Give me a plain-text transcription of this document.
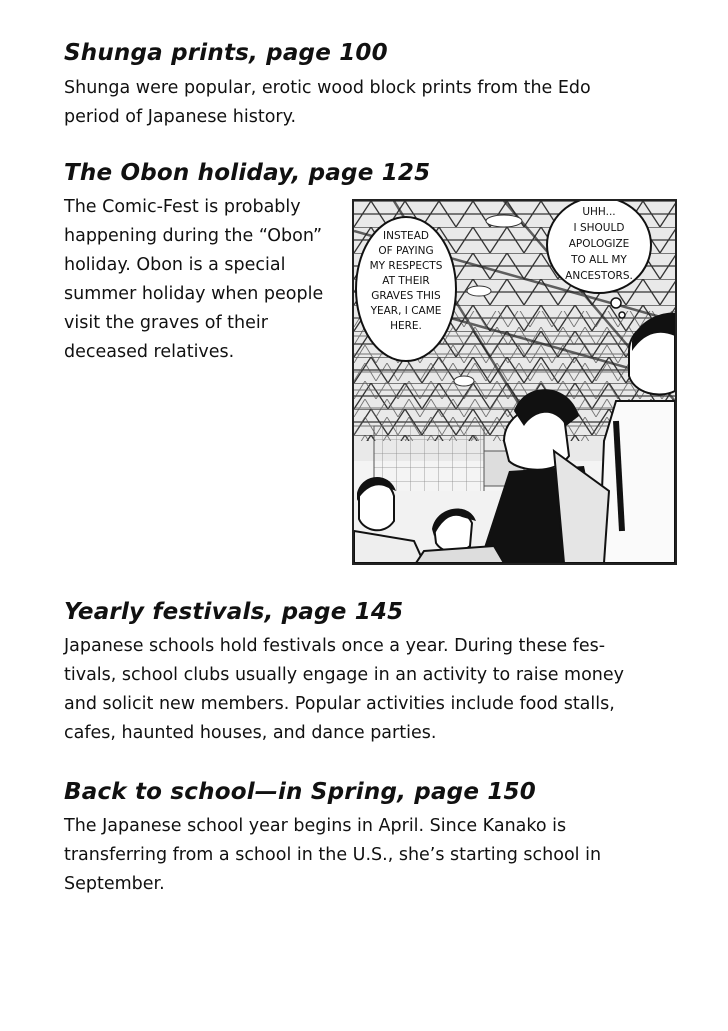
Shunga prints, page 100

Shunga were popular, erotic wood block prints from the Edo
period of Japanese history.

The Obon holiday, page 125

The Comic-Fest is probably
happening during the “Obon”
holiday. Obon is a special
summer holiday when people
visit the graves of their
deceased relatives.

INSTEAD
OF PAYING
MY RESPECTS
AT THEIR
GRAVES THIS
YEAR, I CAME
HERE.
UHH...
I SHOULD
APOLOGIZE
TO ALL MY
ANCESTORS.
Yearly festivals, page 145

Japanese schools hold festivals once a year. During these fes-
tivals, school clubs usually engage in an activity to raise money
and solicit new members. Popular activities include food stalls,
cafes, haunted houses, and dance parties.

Back to school—in Spring, page 150

The Japanese school year begins in April. Since Kanako is
transferring from a school in the U.S., she’s starting school in
September.
